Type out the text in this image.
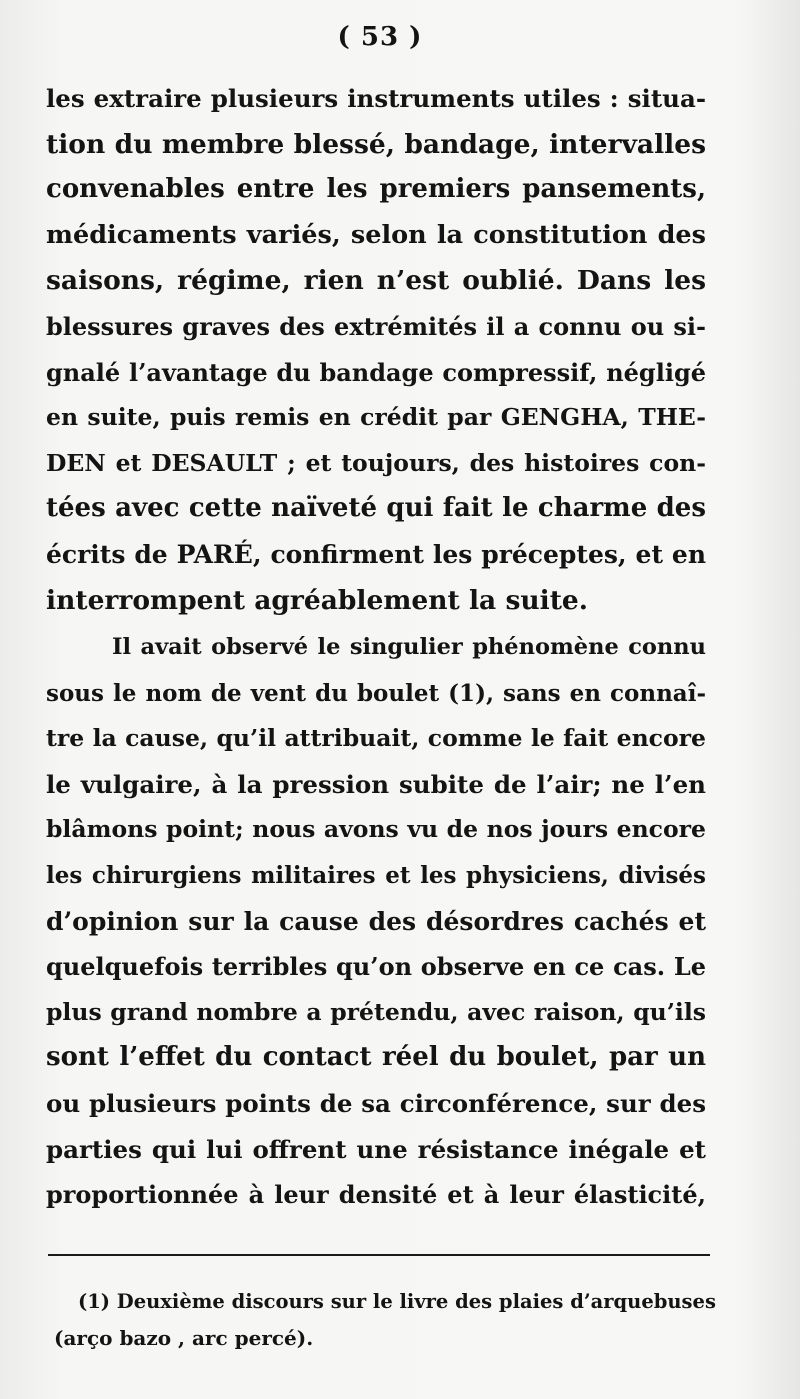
( 53 )
les extraire plusieurs instruments utiles : situa-
tion du membre blessé, bandage, intervalles
convenables entre les premiers pansements,
médicaments variés, selon la constitution des
saisons, régime, rien n’est oublié. Dans les
blessures graves des extrémités il a connu ou si-
gnalé l’avantage du bandage compressif, négligé
en suite, puis remis en crédit par GENGHA, THE-
DEN et DESAULT ; et toujours, des histoires con-
tées avec cette naïveté qui fait le charme des
écrits de PARÉ, confirment les préceptes, et en
interrompent agréablement la suite.
Il avait observé le singulier phénomène connu
sous le nom de vent du boulet (1), sans en connaî-
tre la cause, qu’il attribuait, comme le fait encore
le vulgaire, à la pression subite de l’air; ne l’en
blâmons point; nous avons vu de nos jours encore
les chirurgiens militaires et les physiciens, divisés
d’opinion sur la cause des désordres cachés et
quelquefois terribles qu’on observe en ce cas. Le
plus grand nombre a prétendu, avec raison, qu’ils
sont l’effet du contact réel du boulet, par un
ou plusieurs points de sa circonférence, sur des
parties qui lui offrent une résistance inégale et
proportionnée à leur densité et à leur élasticité,
(1) Deuxième discours sur le livre des plaies d’arquebuses
(arço bazo , arc percé).
